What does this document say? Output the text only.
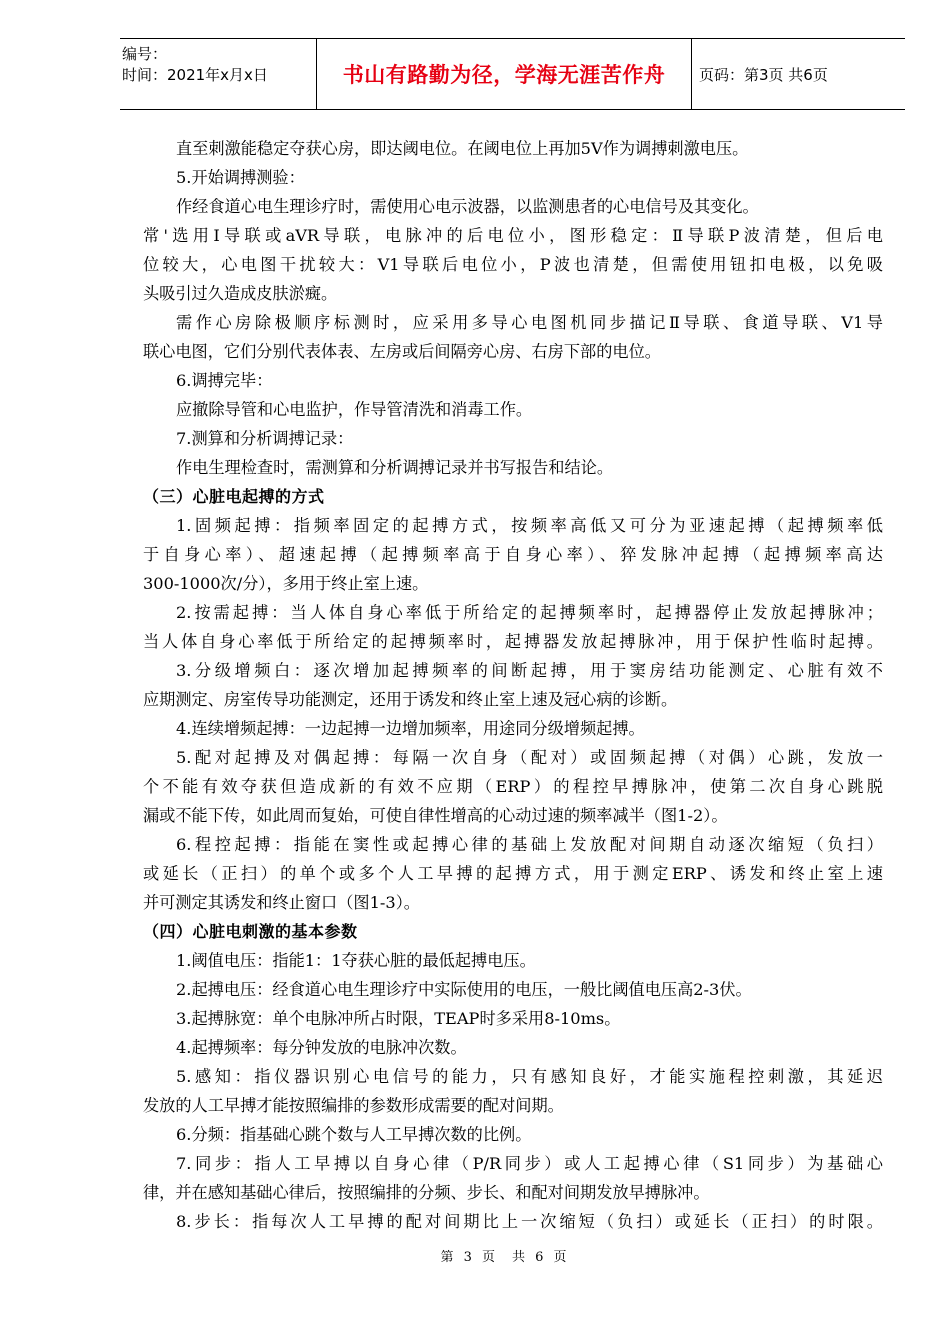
编号：
时间：2021年x月x日	书山有路勤为径，学海无涯苦作舟 页码：第3页 共6页
直至刺激能稳定夺获心房，即达阈电位。在阈电位上再加5V作为调搏刺激电压。
5.开始调搏测验：
作经食道心电生理诊疗时，需使用心电示波器，以监测患者的心电信号及其变化。
常'选用Ⅰ导联或aVR导联，电脉冲的后电位小，图形稳定：Ⅱ导联P波清楚，但后电
位较大，心电图干扰较大：V1导联后电位小，P波也清楚，但需使用钮扣电极，以免吸
头吸引过久造成皮肤淤癍。
需作心房除极顺序标测时，应采用多导心电图机同步描记Ⅱ导联、食道导联、V1导
联心电图，它们分别代表体表、左房或后间隔旁心房、右房下部的电位。
6.调搏完毕：
应撤除导管和心电监护，作导管清洗和消毒工作。
7.测算和分析调搏记录：
作电生理检查时，需测算和分析调搏记录并书写报告和结论。
（三）心脏电起搏的方式
1.固频起搏：指频率固定的起搏方式，按频率高低又可分为亚速起搏（起搏频率低
于自身心率）、超速起搏（起搏频率高于自身心率）、猝发脉冲起搏（起搏频率高达
300-1000次/分），多用于终止室上速。
2.按需起搏：当人体自身心率低于所给定的起搏频率时，起搏器停止发放起搏脉冲；
当人体自身心率低于所给定的起搏频率时，起搏器发放起搏脉冲，用于保护性临时起搏。
3.分级增频白：逐次增加起搏频率的间断起搏，用于窦房结功能测定、心脏有效不
应期测定、房室传导功能测定，还用于诱发和终止室上速及冠心病的诊断。
4.连续增频起搏：一边起搏一边增加频率，用途同分级增频起搏。
5.配对起搏及对偶起搏：每隔一次自身（配对）或固频起搏（对偶）心跳，发放一
个不能有效夺获但造成新的有效不应期（ERP）的程控早搏脉冲，使第二次自身心跳脱
漏或不能下传，如此周而复始，可使自律性增高的心动过速的频率减半（图1-2）。
6.程控起搏：指能在窦性或起搏心律的基础上发放配对间期自动逐次缩短（负扫）
或延长（正扫）的单个或多个人工早搏的起搏方式，用于测定ERP、诱发和终止室上速
并可测定其诱发和终止窗口（图1-3）。
（四）心脏电刺激的基本参数
1.阈值电压：指能1：1夺获心脏的最低起搏电压。
2.起搏电压：经食道心电生理诊疗中实际使用的电压，一般比阈值电压高2-3伏。
3.起搏脉宽：单个电脉冲所占时限，TEAP时多采用8-10ms。
4.起搏频率：每分钟发放的电脉冲次数。
5.感知：指仪器识别心电信号的能力，只有感知良好，才能实施程控刺激，其延迟
发放的人工早搏才能按照编排的参数形成需要的配对间期。
6.分频：指基础心跳个数与人工早搏次数的比例。
7.同步：指人工早搏以自身心律（P/R同步）或人工起搏心律（S1同步）为基础心
律，并在感知基础心律后，按照编排的分频、步长、和配对间期发放早搏脉冲。
8.步长：指每次人工早搏的配对间期比上一次缩短（负扫）或延长（正扫）的时限。
第 3 页 共 6 页
